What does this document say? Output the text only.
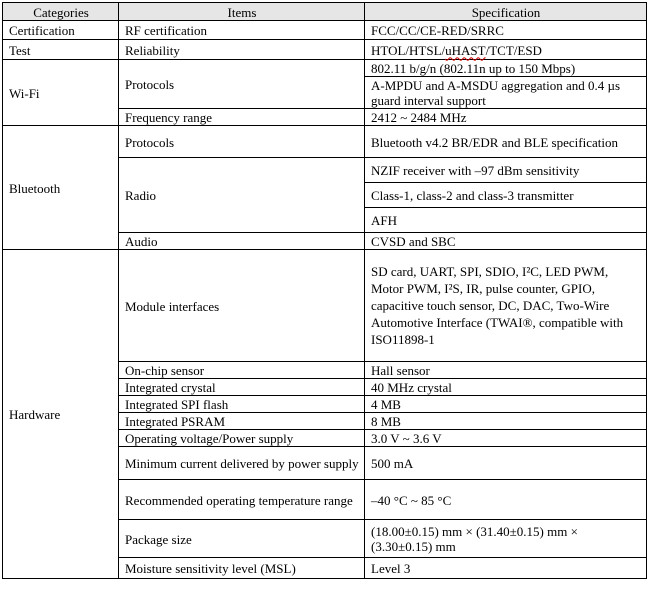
Categories	Items	Specification
Certification	RF certification	FCC/CC/CE-RED/SRRC
Test	Reliability	HTOL/HTSL/uHAST/TCT/ESD
Wi-Fi	Protocols	802.11 b/g/n (802.11n up to 150 Mbps)
		A-MPDU and A-MSDU aggregation and 0.4 µs guard interval support
	Frequency range	2412 ~ 2484 MHz
Bluetooth	Protocols	Bluetooth v4.2 BR/EDR and BLE specification
	Radio	NZIF receiver with –97 dBm sensitivity
		Class-1, class-2 and class-3 transmitter
		AFH
	Audio	CVSD and SBC
Hardware	Module interfaces	SD card, UART, SPI, SDIO, I²C, LED PWM, Motor PWM, I²S, IR, pulse counter, GPIO, capacitive touch sensor, DC, DAC, Two-Wire Automotive Interface (TWAI®, compatible with ISO11898-1
	On-chip sensor	Hall sensor
	Integrated crystal	40 MHz crystal
	Integrated SPI flash	4 MB
	Integrated PSRAM	8 MB
	Operating voltage/Power supply	3.0 V ~ 3.6 V
	Minimum current delivered by power supply	500 mA
	Recommended operating temperature range	–40 °C ~ 85 °C
	Package size	(18.00±0.15) mm × (31.40±0.15) mm × (3.30±0.15) mm
	Moisture sensitivity level (MSL)	Level 3
